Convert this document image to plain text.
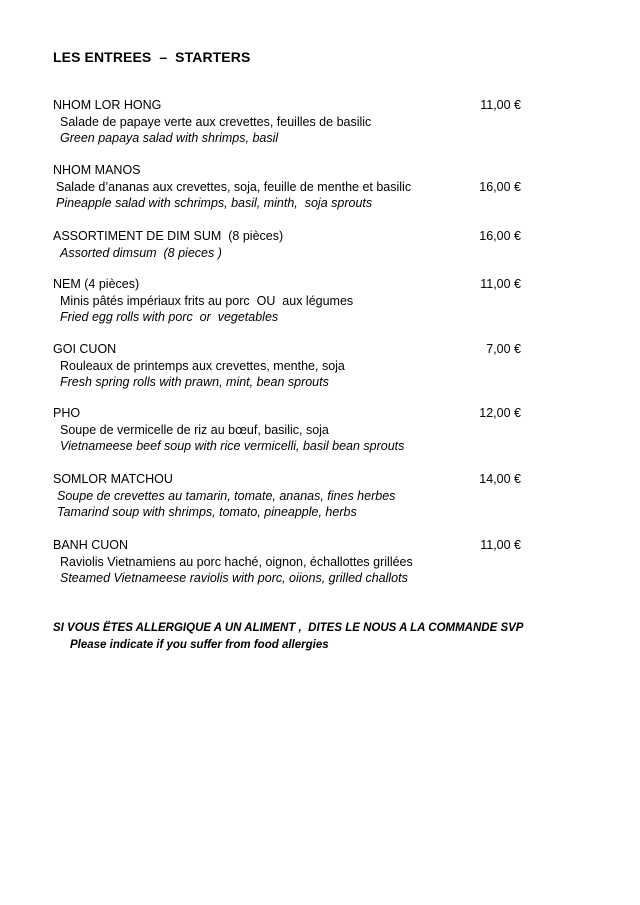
LES ENTREES  –  STARTERS
11,00 €
NHOM LOR HONG
Salade de papaye verte aux crevettes, feuilles de basilic
Green papaya salad with shrimps, basil
16,00 €
NHOM MANOS
Salade d’ananas aux crevettes, soja, feuille de menthe et basilic
Pineapple salad with schrimps, basil, minth,  soja sprouts
16,00 €
ASSORTIMENT DE DIM SUM  (8 pièces)
Assorted dimsum  (8 pieces )
11,00 €
NEM (4 pièces)
Minis pâtés impériaux frits au porc  OU  aux légumes
Fried egg rolls with porc  or  vegetables
7,00 €
GOI CUON
Rouleaux de printemps aux crevettes, menthe, soja
Fresh spring rolls with prawn, mint, bean sprouts
12,00 €
PHO
Soupe de vermicelle de riz au bœuf, basilic, soja
Vietnameese beef soup with rice vermicelli, basil bean sprouts
14,00 €
SOMLOR MATCHOU
Soupe de crevettes au tamarin, tomate, ananas, fines herbes
Tamarind soup with shrimps, tomato, pineapple, herbs
11,00 €
BANH CUON
Raviolis Vietnamiens au porc haché, oignon, échallottes grillées
Steamed Vietnameese raviolis with porc, oiions, grilled challots
SI VOUS ËTES ALLERGIQUE A UN ALIMENT ,  DITES LE NOUS A LA COMMANDE SVP
Please indicate if you suffer from food allergies
